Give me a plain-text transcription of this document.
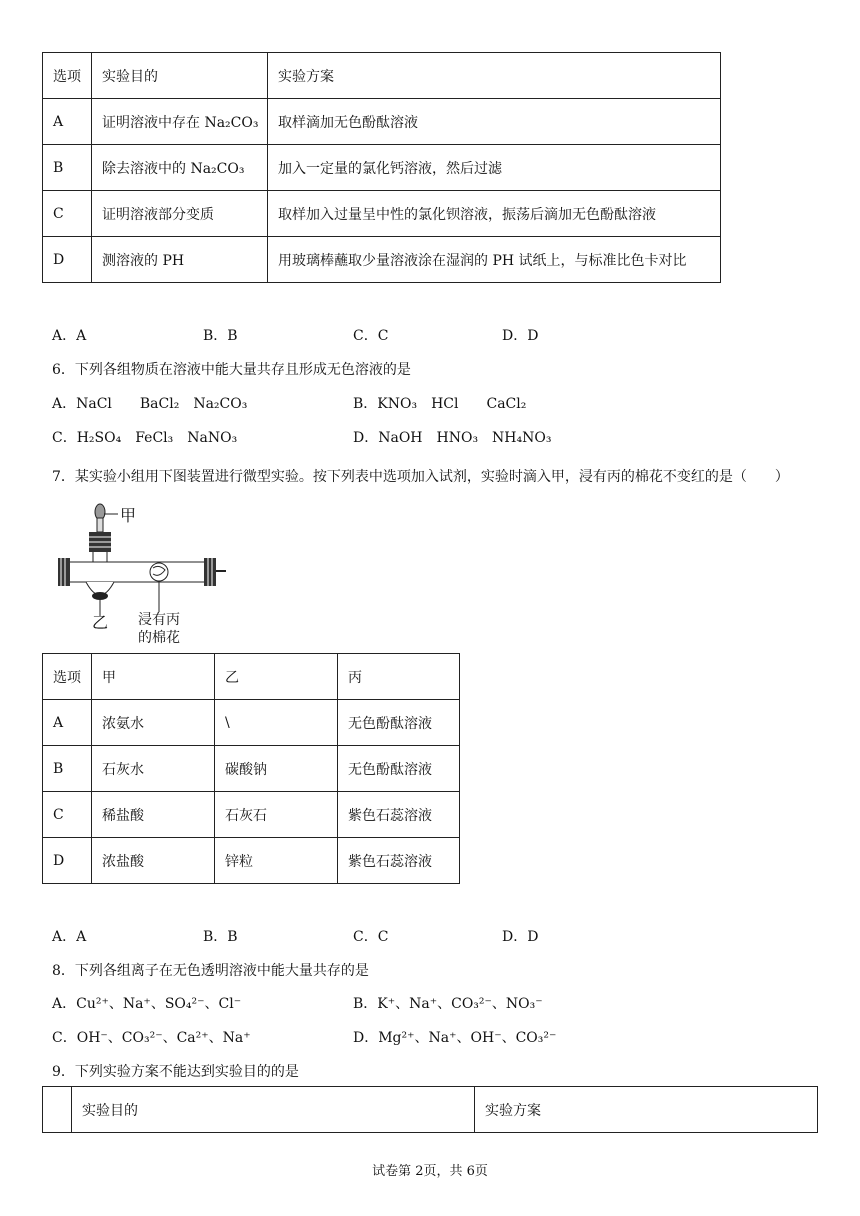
选项	实验目的	实验方案
A	证明溶液中存在 Na₂CO₃	取样滴加无色酚酞溶液
B	除去溶液中的 Na₂CO₃	加入一定量的氯化钙溶液，然后过滤
C	证明溶液部分变质	取样加入过量呈中性的氯化钡溶液，振荡后滴加无色酚酞溶液
D	测溶液的 PH	用玻璃棒蘸取少量溶液涂在湿润的 PH 试纸上，与标准比色卡对比
A．A	B．B	C．C	D．D
6．下列各组物质在溶液中能大量共存且形成无色溶液的是
A．NaCl　　BaCl₂　Na₂CO₃	B．KNO₃　HCl　　CaCl₂
C．H₂SO₄　FeCl₃　NaNO₃	D．NaOH　HNO₃　NH₄NO₃
7．某实验小组用下图装置进行微型实验。按下列表中选项加入试剂，实验时滴入甲，浸有丙的棉花不变红的是（　　）
甲
乙 浸有丙
的棉花
选项	甲	乙	丙
A	浓氨水	\	无色酚酞溶液
B	石灰水	碳酸钠	无色酚酞溶液
C	稀盐酸	石灰石	紫色石蕊溶液
D	浓盐酸	锌粒	紫色石蕊溶液
A．A	B．B	C．C	D．D
8．下列各组离子在无色透明溶液中能大量共存的是
A．Cu²⁺、Na⁺、SO₄²⁻、Cl⁻	B．K⁺、Na⁺、CO₃²⁻、NO₃⁻
C．OH⁻、CO₃²⁻、Ca²⁺、Na⁺	D．Mg²⁺、Na⁺、OH⁻、CO₃²⁻
9．下列实验方案不能达到实验目的的是
	实验目的	实验方案
试卷第 2页，共 6页
